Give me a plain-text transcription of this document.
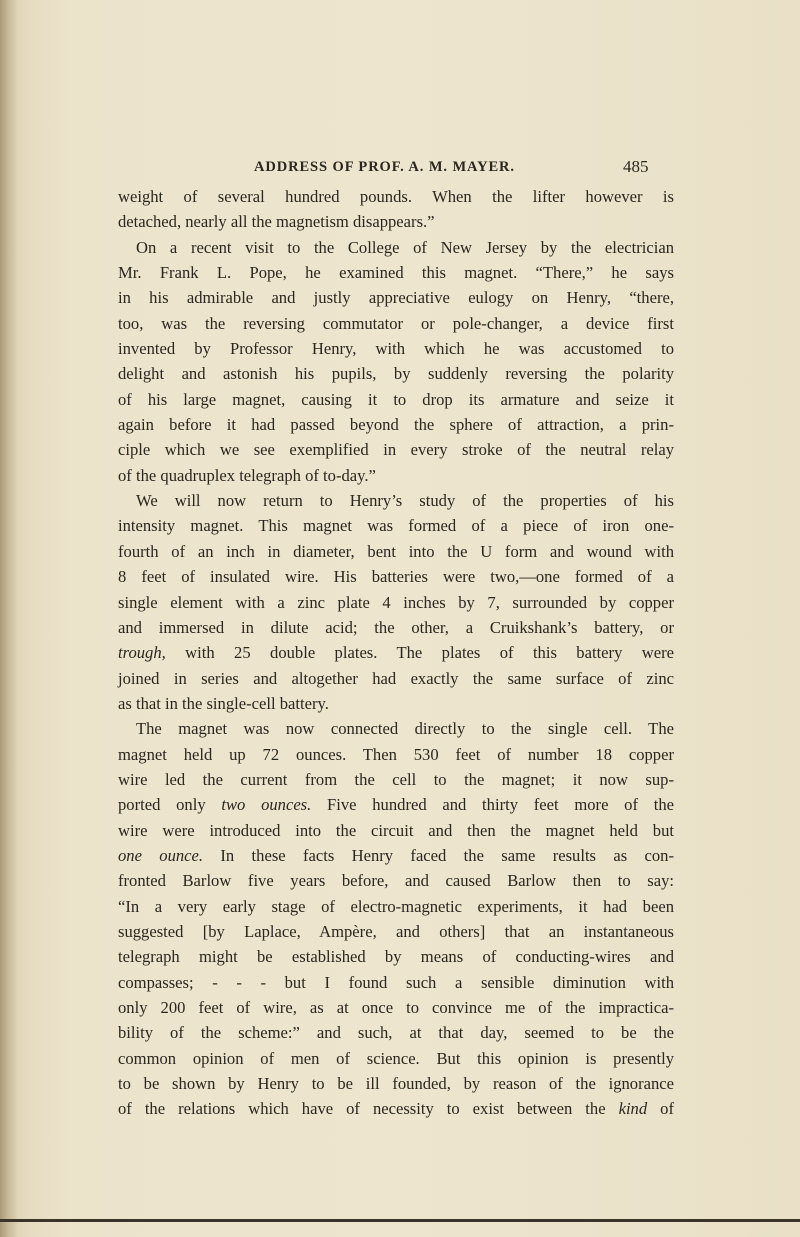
ADDRESS OF PROF. A. M. MAYER.	485
weight of several hundred pounds. When the lifter however is
detached, nearly all the magnetism disappears.”
On a recent visit to the College of New Jersey by the electrician
Mr. Frank L. Pope, he examined this magnet. “There,” he says
in his admirable and justly appreciative eulogy on Henry, “there,
too, was the reversing commutator or pole-changer, a device first
invented by Professor Henry, with which he was accustomed to
delight and astonish his pupils, by suddenly reversing the polarity
of his large magnet, causing it to drop its armature and seize it
again before it had passed beyond the sphere of attraction, a prin-
ciple which we see exemplified in every stroke of the neutral relay
of the quadruplex telegraph of to-day.”
We will now return to Henry’s study of the properties of his
intensity magnet. This magnet was formed of a piece of iron one-
fourth of an inch in diameter, bent into the U form and wound with
8 feet of insulated wire. His batteries were two,—one formed of a
single element with a zinc plate 4 inches by 7, surrounded by copper
and immersed in dilute acid; the other, a Cruikshank’s battery, or
trough, with 25 double plates. The plates of this battery were
joined in series and altogether had exactly the same surface of zinc
as that in the single-cell battery.
The magnet was now connected directly to the single cell. The
magnet held up 72 ounces. Then 530 feet of number 18 copper
wire led the current from the cell to the magnet; it now sup-
ported only two ounces. Five hundred and thirty feet more of the
wire were introduced into the circuit and then the magnet held but
one ounce. In these facts Henry faced the same results as con-
fronted Barlow five years before, and caused Barlow then to say:
“In a very early stage of electro-magnetic experiments, it had been
suggested [by Laplace, Ampère, and others] that an instantaneous
telegraph might be established by means of conducting-wires and
compasses; - - - but I found such a sensible diminution with
only 200 feet of wire, as at once to convince me of the impractica-
bility of the scheme:” and such, at that day, seemed to be the
common opinion of men of science. But this opinion is presently
to be shown by Henry to be ill founded, by reason of the ignorance
of the relations which have of necessity to exist between the kind of
